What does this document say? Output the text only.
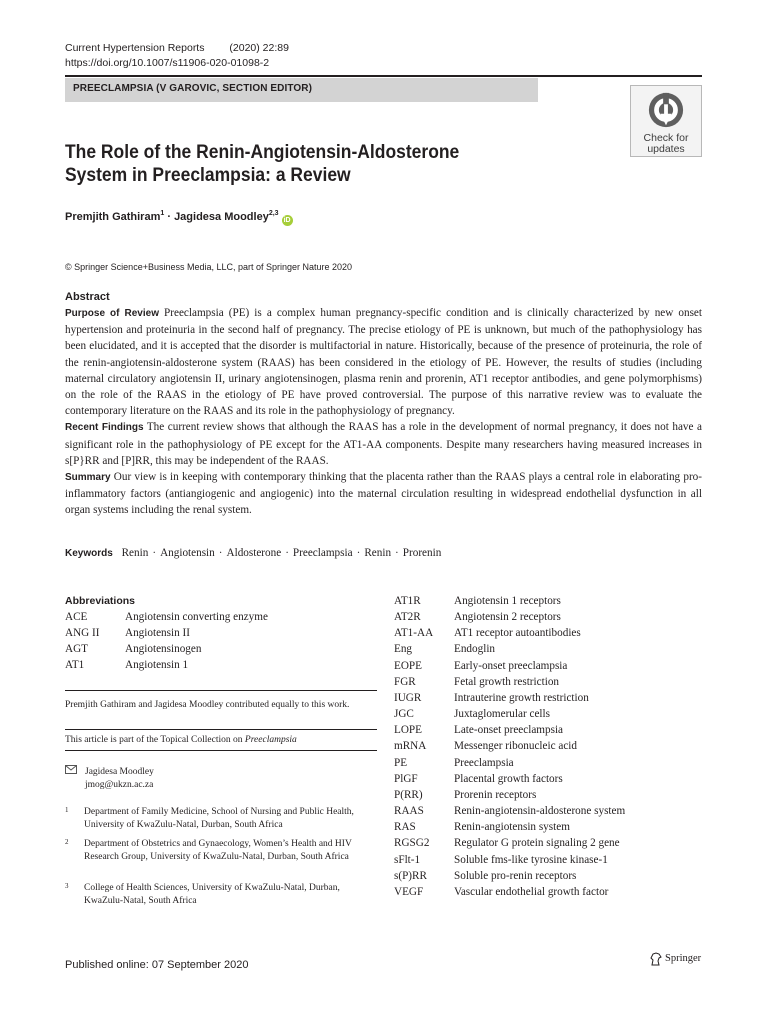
Current Hypertension Reports (2020) 22:89
https://doi.org/10.1007/s11906-020-01098-2
PREECLAMPSIA (V GAROVIC, SECTION EDITOR)
Check for
updates
The Role of the Renin-Angiotensin-Aldosterone System in Preeclampsia: a Review
Premjith Gathiram$^1$ · Jagidesa Moodley$^{2,3}$iD
© Springer Science+Business Media, LLC, part of Springer Nature 2020
Abstract

Purpose of Review Preeclampsia (PE) is a complex human pregnancy-specific condition and is clinically characterized by new onset hypertension and proteinuria in the second half of pregnancy. The precise etiology of PE is unknown, but much of the pathophysiology has been elucidated, and it is accepted that the disorder is multifactorial in nature. Historically, because of the presence of proteinuria, the role of the renin-angiotensin-aldosterone system (RAAS) has been considered in the etiology of PE. However, the results of studies (including maternal circulatory angiotensin II, urinary angiotensinogen, plasma renin and prorenin, AT1 receptor antibodies, and gene polymorphisms) on the role of the RAAS in the etiology of PE have proved controversial. The purpose of this narrative review was to evaluate the contemporary literature on the RAAS and its role in the pathophysiology of pregnancy.

Recent Findings The current review shows that although the RAAS has a role in the development of normal pregnancy, it does not have a significant role in the pathophysiology of PE except for the AT1-AA components. Despite many researchers having measured increases in s[P}RR and [P]RR, this may be independent of the RAAS.

Summary Our view is in keeping with contemporary thinking that the placenta rather than the RAAS plays a central role in elaborating pro-inflammatory factors (antiangiogenic and angiogenic) into the maternal circulation resulting in widespread endothelial dysfunction in all organ systems including the renal system.

Keywords Renin · Angiotensin · Aldosterone · Preeclampsia · Renin · Prorenin
Abbreviations
ACE	Angiotensin converting enzyme
ANG II	Angiotensin II
AGT	Angiotensinogen
AT1	Angiotensin 1
AT1R	Angiotensin 1 receptors
AT2R	Angiotensin 2 receptors
AT1-AA	AT1 receptor autoantibodies
Eng	Endoglin
EOPE	Early-onset preeclampsia
FGR	Fetal growth restriction
IUGR	Intrauterine growth restriction
JGC	Juxtaglomerular cells
LOPE	Late-onset preeclampsia
mRNA	Messenger ribonucleic acid
PE	Preeclampsia
PlGF	Placental growth factors
P(RR)	Prorenin receptors
RAAS	Renin-angiotensin-aldosterone system
RAS	Renin-angiotensin system
RGSG2	Regulator G protein signaling 2 gene
sFlt-1	Soluble fms-like tyrosine kinase-1
s(P)RR	Soluble pro-renin receptors
VEGF	Vascular endothelial growth factor
Premjith Gathiram and Jagidesa Moodley contributed equally to this work.
This article is part of the Topical Collection on Preeclampsia
Jagidesa Moodley
jmog@ukzn.ac.za
1	Department of Family Medicine, School of Nursing and Public Health, University of KwaZulu-Natal, Durban, South Africa
2	Department of Obstetrics and Gynaecology, Women’s Health and HIV Research Group, University of KwaZulu-Natal, Durban, South Africa
3	College of Health Sciences, University of KwaZulu-Natal, Durban, KwaZulu-Natal, South Africa
Published online: 07 September 2020
Springer
